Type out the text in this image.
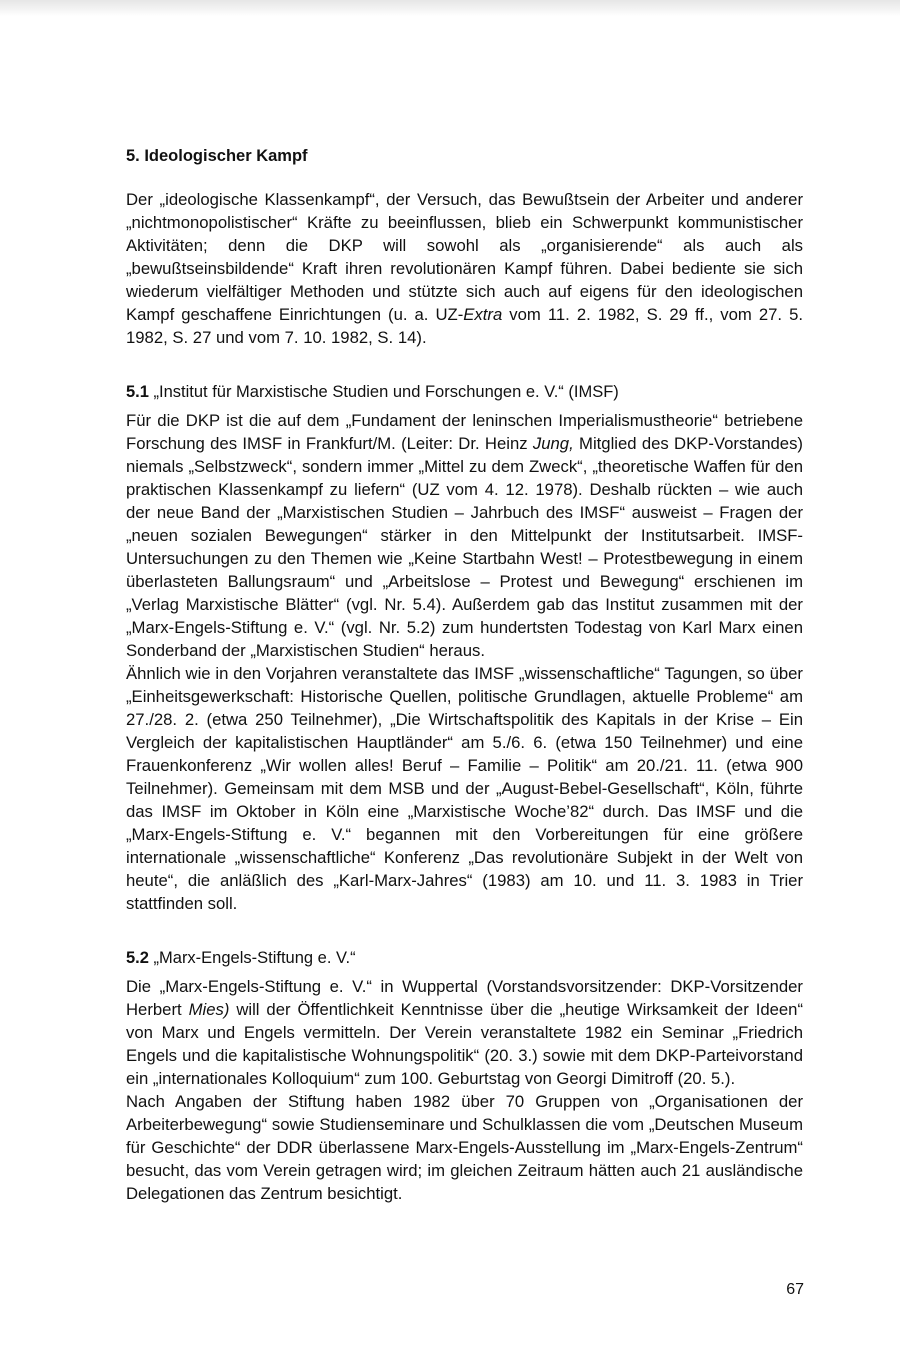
5. Ideologischer Kampf

Der „ideologische Klassenkampf“, der Versuch, das Bewußtsein der Arbeiter und anderer „nichtmonopolistischer“ Kräfte zu beeinflussen, blieb ein Schwerpunkt kommunistischer Aktivitäten; denn die DKP will sowohl als „organisierende“ als auch als „bewußtseinsbildende“ Kraft ihren revolutionären Kampf führen. Dabei bediente sie sich wiederum vielfältiger Methoden und stützte sich auch auf eigens für den ideologischen Kampf geschaffene Einrichtungen (u. a. UZ-Extra vom 11. 2. 1982, S. 29 ff., vom 27. 5. 1982, S. 27 und vom 7. 10. 1982, S. 14).

5.1 „Institut für Marxistische Studien und Forschungen e. V.“ (IMSF)

Für die DKP ist die auf dem „Fundament der leninschen Imperialismustheorie“ betriebene Forschung des IMSF in Frankfurt/M. (Leiter: Dr. Heinz Jung, Mitglied des DKP-Vorstandes) niemals „Selbstzweck“, sondern immer „Mittel zu dem Zweck“, „theoretische Waffen für den praktischen Klassenkampf zu liefern“ (UZ vom 4. 12. 1978). Deshalb rückten – wie auch der neue Band der „Marxistischen Studien – Jahrbuch des IMSF“ ausweist – Fragen der „neuen sozialen Bewegungen“ stärker in den Mittelpunkt der Institutsarbeit. IMSF-Untersuchungen zu den Themen wie „Keine Startbahn West! – Protestbewegung in einem überlasteten Ballungsraum“ und „Arbeitslose – Protest und Bewegung“ erschienen im „Verlag Marxistische Blätter“ (vgl. Nr. 5.4). Außerdem gab das Institut zusammen mit der „Marx-Engels-Stiftung e. V.“ (vgl. Nr. 5.2) zum hundertsten Todestag von Karl Marx einen Sonderband der „Marxistischen Studien“ heraus.

Ähnlich wie in den Vorjahren veranstaltete das IMSF „wissenschaftliche“ Tagungen, so über „Einheitsgewerkschaft: Historische Quellen, politische Grundlagen, aktuelle Probleme“ am 27./28. 2. (etwa 250 Teilnehmer), „Die Wirtschaftspolitik des Kapitals in der Krise – Ein Vergleich der kapitalistischen Hauptländer“ am 5./6. 6. (etwa 150 Teilnehmer) und eine Frauenkonferenz „Wir wollen alles! Beruf – Familie – Politik“ am 20./21. 11. (etwa 900 Teilnehmer). Gemeinsam mit dem MSB und der „August-Bebel-Gesellschaft“, Köln, führte das IMSF im Oktober in Köln eine „Marxistische Woche’82“ durch. Das IMSF und die „Marx-Engels-Stiftung e. V.“ begannen mit den Vorbereitungen für eine größere internationale „wissenschaftliche“ Konferenz „Das revolutionäre Subjekt in der Welt von heute“, die anläßlich des „Karl-Marx-Jahres“ (1983) am 10. und 11. 3. 1983 in Trier stattfinden soll.

5.2 „Marx-Engels-Stiftung e. V.“

Die „Marx-Engels-Stiftung e. V.“ in Wuppertal (Vorstandsvorsitzender: DKP-Vorsitzender Herbert Mies) will der Öffentlichkeit Kenntnisse über die „heutige Wirksamkeit der Ideen“ von Marx und Engels vermitteln. Der Verein veranstaltete 1982 ein Seminar „Friedrich Engels und die kapitalistische Wohnungspolitik“ (20. 3.) sowie mit dem DKP-Parteivorstand ein „internationales Kolloquium“ zum 100. Geburtstag von Georgi Dimitroff (20. 5.).

Nach Angaben der Stiftung haben 1982 über 70 Gruppen von „Organisationen der Arbeiterbewegung“ sowie Studienseminare und Schulklassen die vom „Deutschen Museum für Geschichte“ der DDR überlassene Marx-Engels-Ausstellung im „Marx-Engels-Zentrum“ besucht, das vom Verein getragen wird; im gleichen Zeitraum hätten auch 21 ausländische Delegationen das Zentrum besichtigt.

67
